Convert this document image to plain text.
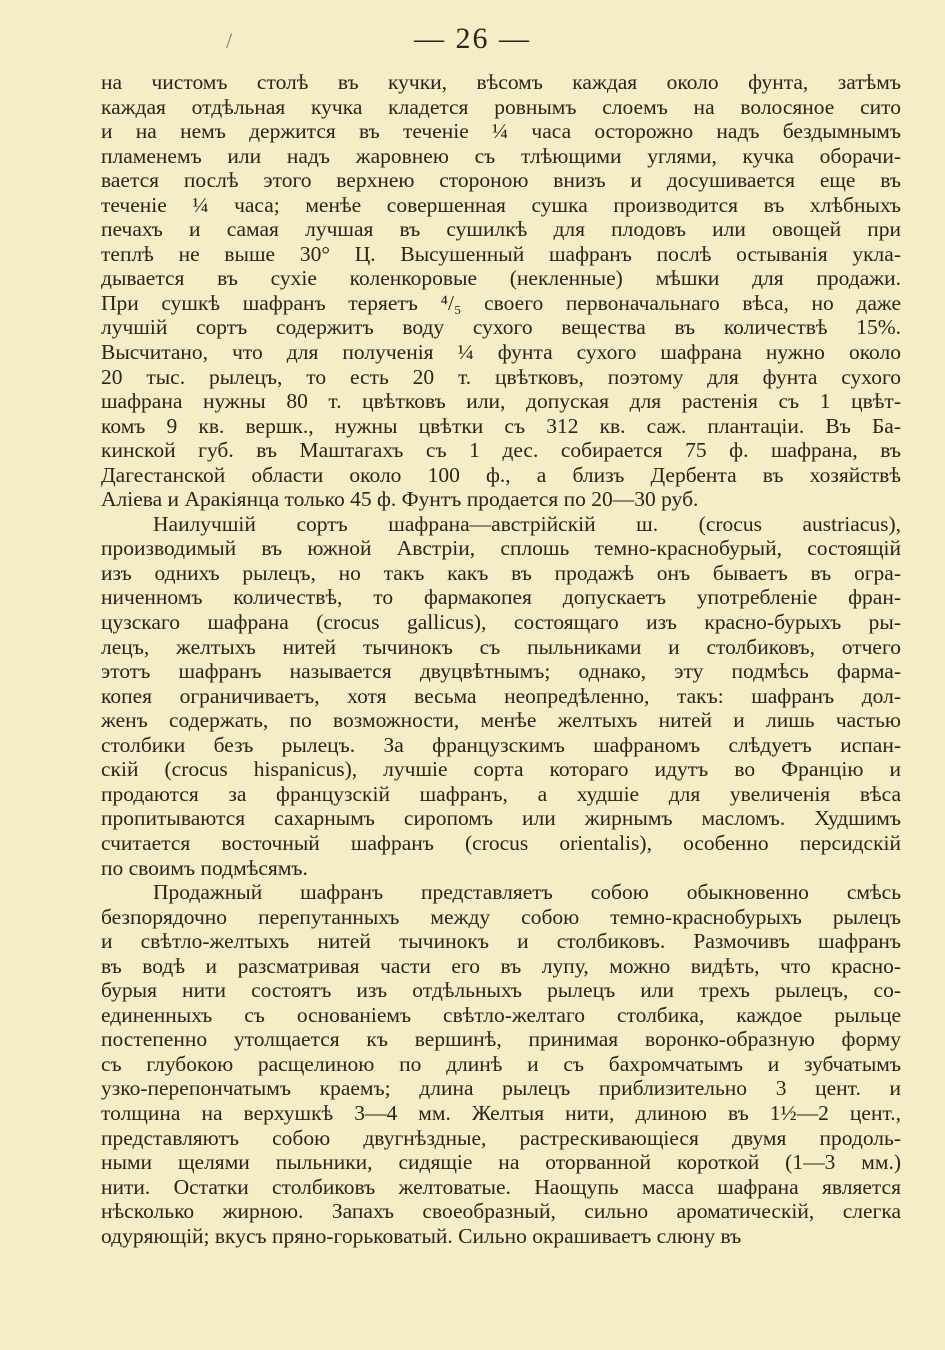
/	— 26 —
на чистомъ столѣ въ кучки, вѣсомъ каждая около фунта, затѣмъ
каждая отдѣльная кучка кладется ровнымъ слоемъ на волосяное сито
и на немъ держится въ теченіе ¼ часа осторожно надъ бездымнымъ
пламенемъ или надъ жаровнею съ тлѣющими углями, кучка оборачи-
вается послѣ этого верхнею стороною внизъ и досушивается еще въ
теченіе ¼ часа; менѣе совершенная сушка производится въ хлѣбныхъ
печахъ и самая лучшая въ сушилкѣ для плодовъ или овощей при
теплѣ не выше 30° Ц. Высушенный шафранъ послѣ остыванія укла-
дывается въ сухіе коленкоровые (некленные) мѣшки для продажи.
При сушкѣ шафранъ теряетъ ⁴/₅ своего первоначальнаго вѣса, но даже
лучшій сортъ содержитъ воду сухого вещества въ количествѣ 15%.
Высчитано, что для полученія ¼ фунта сухого шафрана нужно около
20 тыс. рылецъ, то есть 20 т. цвѣтковъ, поэтому для фунта сухого
шафрана нужны 80 т. цвѣтковъ или, допуская для растенія съ 1 цвѣт-
комъ 9 кв. вершк., нужны цвѣтки съ 312 кв. саж. плантаціи. Въ Ба-
кинской губ. въ Маштагахъ съ 1 дес. собирается 75 ф. шафрана, въ
Дагестанской области около 100 ф., а близъ Дербента въ хозяйствѣ
Аліева и Аракіянца только 45 ф. Фунтъ продается по 20—30 руб.
Наилучшій сортъ шафрана—австрійскій ш. (crocus austriacus),
производимый въ южной Австріи, сплошь темно-краснобурый, состоящій
изъ однихъ рылецъ, но такъ какъ въ продажѣ онъ бываетъ въ огра-
ниченномъ количествѣ, то фармакопея допускаетъ употребленіе фран-
цузскаго шафрана (crocus gallicus), состоящаго изъ красно-бурыхъ ры-
лецъ, желтыхъ нитей тычинокъ съ пыльниками и столбиковъ, отчего
этотъ шафранъ называется двуцвѣтнымъ; однако, эту подмѣсь фарма-
копея ограничиваетъ, хотя весьма неопредѣленно, такъ: шафранъ дол-
женъ содержать, по возможности, менѣе желтыхъ нитей и лишь частью
столбики безъ рылецъ. За французскимъ шафраномъ слѣдуетъ испан-
скій (crocus hispanicus), лучшіе сорта котораго идутъ во Францію и
продаются за французскій шафранъ, а худшіе для увеличенія вѣса
пропитываются сахарнымъ сиропомъ или жирнымъ масломъ. Худшимъ
считается восточный шафранъ (crocus orientalis), особенно персидскій
по своимъ подмѣсямъ.
Продажный шафранъ представляетъ собою обыкновенно смѣсь
безпорядочно перепутанныхъ между собою темно-краснобурыхъ рылецъ
и свѣтло-желтыхъ нитей тычинокъ и столбиковъ. Размочивъ шафранъ
въ водѣ и разсматривая части его въ лупу, можно видѣть, что красно-
бурыя нити состоятъ изъ отдѣльныхъ рылецъ или трехъ рылецъ, со-
единенныхъ съ основаніемъ свѣтло-желтаго столбика, каждое рыльце
постепенно утолщается къ вершинѣ, принимая воронко-образную форму
съ глубокою расщелиною по длинѣ и съ бахромчатымъ и зубчатымъ
узко-перепончатымъ краемъ; длина рылецъ приблизительно 3 цент. и
толщина на верхушкѣ 3—4 мм. Желтыя нити, длиною въ 1½—2 цент.,
представляютъ собою двугнѣздные, растрескивающіеся двумя продоль-
ными щелями пыльники, сидящіе на оторванной короткой (1—3 мм.)
нити. Остатки столбиковъ желтоватые. Наощупь масса шафрана является
нѣсколько жирною. Запахъ своеобразный, сильно ароматическій, слегка
одуряющій; вкусъ пряно-горьковатый. Сильно окрашиваетъ слюну въ
